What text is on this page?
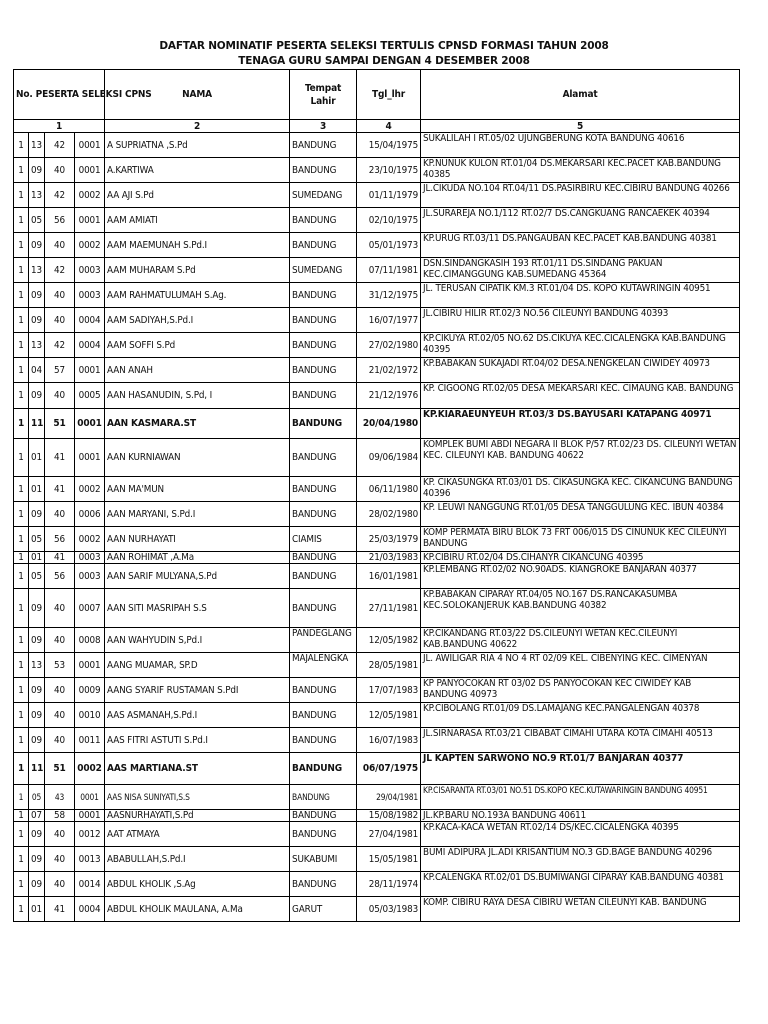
DAFTAR NOMINATIF PESERTA SELEKSI TERTULIS CPNSD FORMASI TAHUN 2008
TENAGA GURU SAMPAI DENGAN 4 DESEMBER 2008
No. PESERTA SELEKSI CPNS				NAMA	Tempat Lahir	Tgl_lhr	Alamat
1				2	3	4	5
1	13	42	0001	A SUPRIATNA ,S.Pd	BANDUNG	15/04/1975	SUKALILAH I RT.05/02 UJUNGBERUNG KOTA BANDUNG 40616
1	09	40	0001	A.KARTIWA	BANDUNG	23/10/1975	KP.NUNUK KULON RT.01/04 DS.MEKARSARI KEC.PACET KAB.BANDUNG 40385
1	13	42	0002	AA AJI S.Pd	SUMEDANG	01/11/1979	JL.CIKUDA NO.104 RT.04/11 DS.PASIRBIRU KEC.CIBIRU BANDUNG 40266
1	05	56	0001	AAM AMIATI	BANDUNG	02/10/1975	JL.SURAREJA NO.1/112 RT.02/7 DS.CANGKUANG RANCAEKEK 40394
1	09	40	0002	AAM MAEMUNAH S.Pd.I	BANDUNG	05/01/1973	KP.URUG RT.03/11 DS.PANGAUBAN KEC.PACET KAB.BANDUNG 40381
1	13	42	0003	AAM MUHARAM S.Pd	SUMEDANG	07/11/1981	DSN.SINDANGKASIH 193 RT.01/11 DS.SINDANG PAKUAN KEC.CIMANGGUNG KAB.SUMEDANG 45364
1	09	40	0003	AAM RAHMATULUMAH S.Ag.	BANDUNG	31/12/1975	JL. TERUSAN CIPATIK KM.3 RT.01/04 DS. KOPO KUTAWRINGIN 40951
1	09	40	0004	AAM SADIYAH,S.Pd.I	BANDUNG	16/07/1977	JL.CIBIRU HILIR RT.02/3 NO.56 CILEUNYI BANDUNG 40393
1	13	42	0004	AAM SOFFI S.Pd	BANDUNG	27/02/1980	KP.CIKUYA RT.02/05 NO.62 DS.CIKUYA KEC.CICALENGKA KAB.BANDUNG 40395
1	04	57	0001	AAN ANAH	BANDUNG	21/02/1972	KP.BABAKAN SUKAJADI RT.04/02 DESA.NENGKELAN CIWIDEY 40973
1	09	40	0005	AAN HASANUDIN, S.Pd, I	BANDUNG	21/12/1976	KP. CIGOONG RT.02/05 DESA MEKARSARI KEC. CIMAUNG KAB. BANDUNG
1	11	51	0001	AAN KASMARA.ST	BANDUNG	20/04/1980	KP.KIARAEUNYEUH RT.03/3 DS.BAYUSARI KATAPANG 40971
1	01	41	0001	AAN KURNIAWAN	BANDUNG	09/06/1984	KOMPLEK BUMI ABDI NEGARA II BLOK P/57 RT.02/23 DS. CILEUNYI WETAN KEC. CILEUNYI KAB. BANDUNG 40622
1	01	41	0002	AAN MA'MUN	BANDUNG	06/11/1980	KP. CIKASUNGKA RT.03/01 DS. CIKASUNGKA KEC. CIKANCUNG BANDUNG 40396
1	09	40	0006	AAN MARYANI, S.Pd.I	BANDUNG	28/02/1980	KP. LEUWI NANGGUNG RT.01/05 DESA TANGGULUNG KEC. IBUN 40384
1	05	56	0002	AAN NURHAYATI	CIAMIS	25/03/1979	KOMP PERMATA BIRU BLOK 73 FRT 006/015 DS CINUNUK KEC CILEUNYI BANDUNG
1	01	41	0003	AAN ROHIMAT ,A.Ma	BANDUNG	21/03/1983	KP.CIBIRU RT.02/04 DS.CIHANYR CIKANCUNG 40395
1	05	56	0003	AAN SARIF MULYANA,S.Pd	BANDUNG	16/01/1981	KP.LEMBANG RT.02/02 NO.90ADS. KIANGROKE BANJARAN 40377
1	09	40	0007	AAN SITI MASRIPAH S.S	BANDUNG	27/11/1981	KP.BABAKAN CIPARAY RT.04/05 NO.167 DS.RANCAKASUMBA KEC.SOLOKANJERUK KAB.BANDUNG 40382
1	09	40	0008	AAN WAHYUDIN S,Pd.I	PANDEGLANG	12/05/1982	KP.CIKANDANG RT.03/22 DS.CILEUNYI WETAN KEC.CILEUNYI KAB.BANDUNG 40622
1	13	53	0001	AANG MUAMAR, SP.D	MAJALENGKA	28/05/1981	JL. AWILIGAR RIA 4 NO 4 RT 02/09 KEL. CIBENYING KEC. CIMENYAN
1	09	40	0009	AANG SYARIF RUSTAMAN S.PdI	BANDUNG	17/07/1983	KP PANYOCOKAN RT 03/02 DS PANYOCOKAN KEC CIWIDEY KAB BANDUNG 40973
1	09	40	0010	AAS ASMANAH,S.Pd.I	BANDUNG	12/05/1981	KP.CIBOLANG RT.01/09 DS.LAMAJANG KEC.PANGALENGAN 40378
1	09	40	0011	AAS FITRI ASTUTI S.Pd.I	BANDUNG	16/07/1983	JL.SIRNARASA RT.03/21 CIBABAT CIMAHI UTARA KOTA CIMAHI 40513
1	11	51	0002	AAS MARTIANA.ST	BANDUNG	06/07/1975	JL KAPTEN SARWONO NO.9 RT.01/7 BANJARAN 40377
1	05	43	0001	AAS NISA SUNIYATI,S.S	BANDUNG	29/04/1981	KP.CISARANTA RT.03/01 NO.51 DS.KOPO KEC.KUTAWARINGIN BANDUNG 40951
1	07	58	0001	AASNURHAYATI,S.Pd	BANDUNG	15/08/1982	JL.KP.BARU NO.193A BANDUNG 40611
1	09	40	0012	AAT ATMAYA	BANDUNG	27/04/1981	KP.KACA-KACA WETAN RT.02/14 DS/KEC.CICALENGKA 40395
1	09	40	0013	ABABULLAH,S.Pd.I	SUKABUMI	15/05/1981	BUMI ADIPURA JL.ADI KRISANTIUM NO.3 GD.BAGE BANDUNG 40296
1	09	40	0014	ABDUL KHOLIK ,S.Ag	BANDUNG	28/11/1974	KP.CALENGKA RT.02/01 DS.BUMIWANGI CIPARAY KAB.BANDUNG 40381
1	01	41	0004	ABDUL KHOLIK MAULANA, A.Ma	GARUT	05/03/1983	KOMP. CIBIRU RAYA DESA CIBIRU WETAN CILEUNYI KAB. BANDUNG
